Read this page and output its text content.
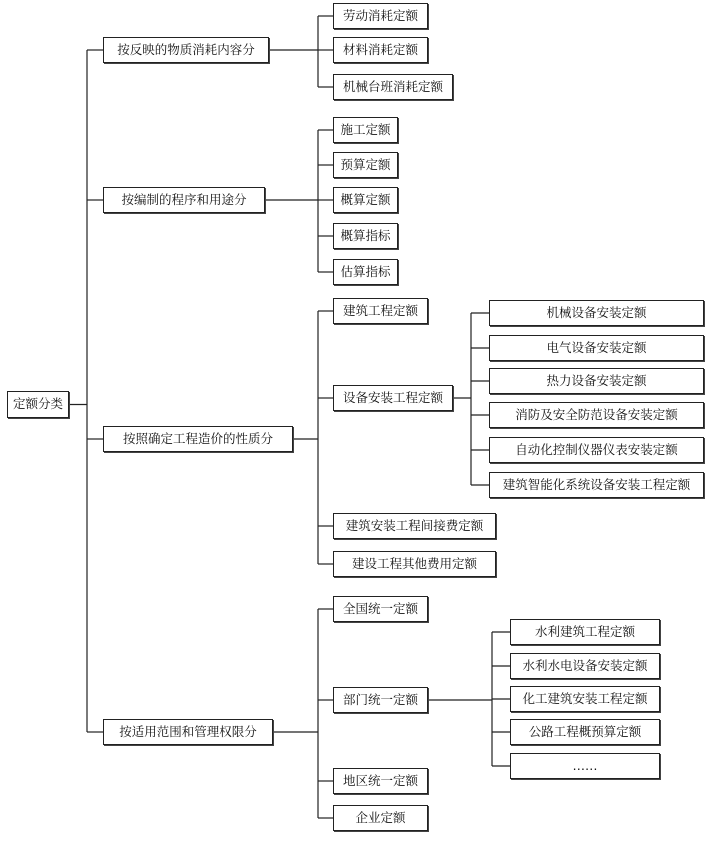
定额分类
按反映的物质消耗内容分
劳动消耗定额
材料消耗定额
机械台班消耗定额
按编制的程序和用途分
施工定额
预算定额
概算定额
概算指标
估算指标
按照确定工程造价的性质分
建筑工程定额
设备安装工程定额
机械设备安装定额
电气设备安装定额
热力设备安装定额
消防及安全防范设备安装定额
自动化控制仪器仪表安装定额
建筑智能化系统设备安装工程定额
建筑安装工程间接费定额
建设工程其他费用定额
按适用范围和管理权限分
全国统一定额
部门统一定额
水利建筑工程定额
水利水电设备安装定额
化工建筑安装工程定额
公路工程概预算定额
……
地区统一定额
企业定额
